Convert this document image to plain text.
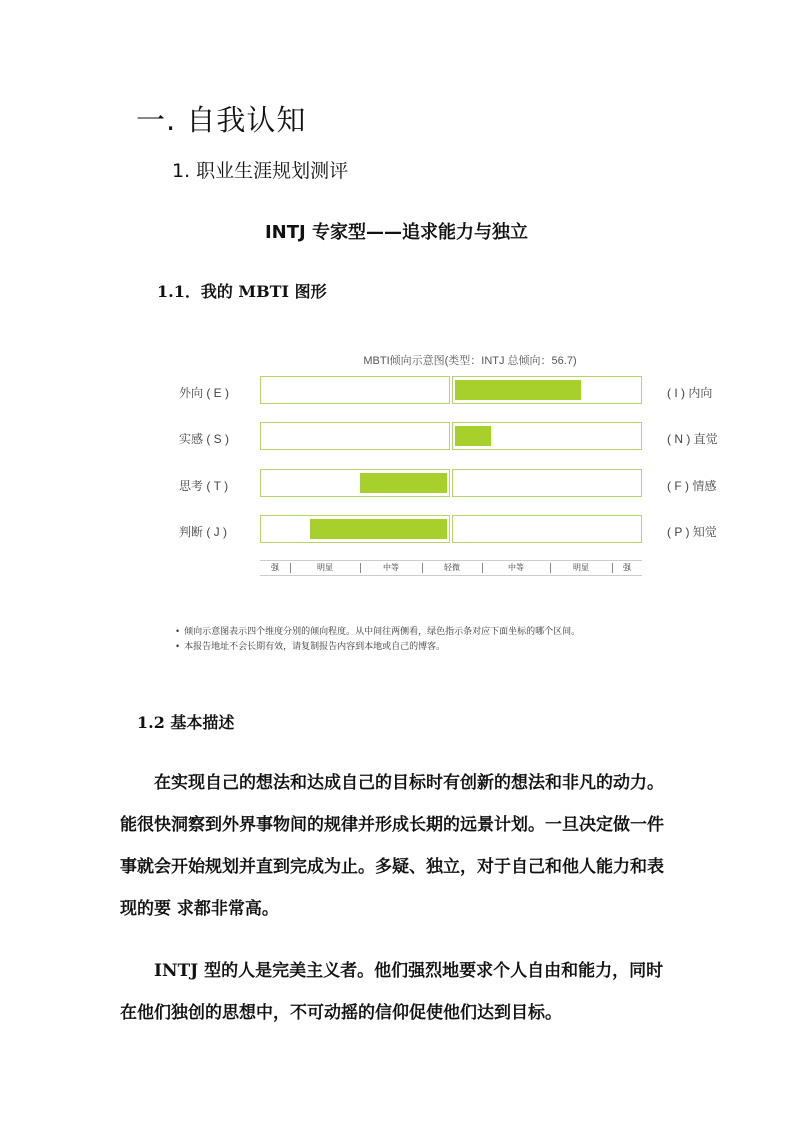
一. 自我认知
1. 职业生涯规划测评
INTJ 专家型——追求能力与独立
1.1．我的 MBTI 图形
MBTI倾向示意图(类型：INTJ 总倾向：56.7)
外向 ( E )	( I ) 内向
实感 ( S )	( N ) 直觉
思考 ( T )	( F ) 情感
判断 ( J )	( P ) 知觉
强	明显	中等	轻微	中等	明显	强
• 倾向示意图表示四个维度分别的倾向程度。从中间往两侧看，绿色指示条对应下面坐标的哪个区间。
• 本报告地址不会长期有效，请复制报告内容到本地或自己的博客。
1.2 基本描述
在实现自己的想法和达成自己的目标时有创新的想法和非凡的动力。能很快洞察到外界事物间的规律并形成长期的远景计划。一旦决定做一件事就会开始规划并直到完成为止。多疑、独立，对于自己和他人能力和表现的要 求都非常高。
INTJ 型的人是完美主义者。他们强烈地要求个人自由和能力，同时在他们独创的思想中，不可动摇的信仰促使他们达到目标。
